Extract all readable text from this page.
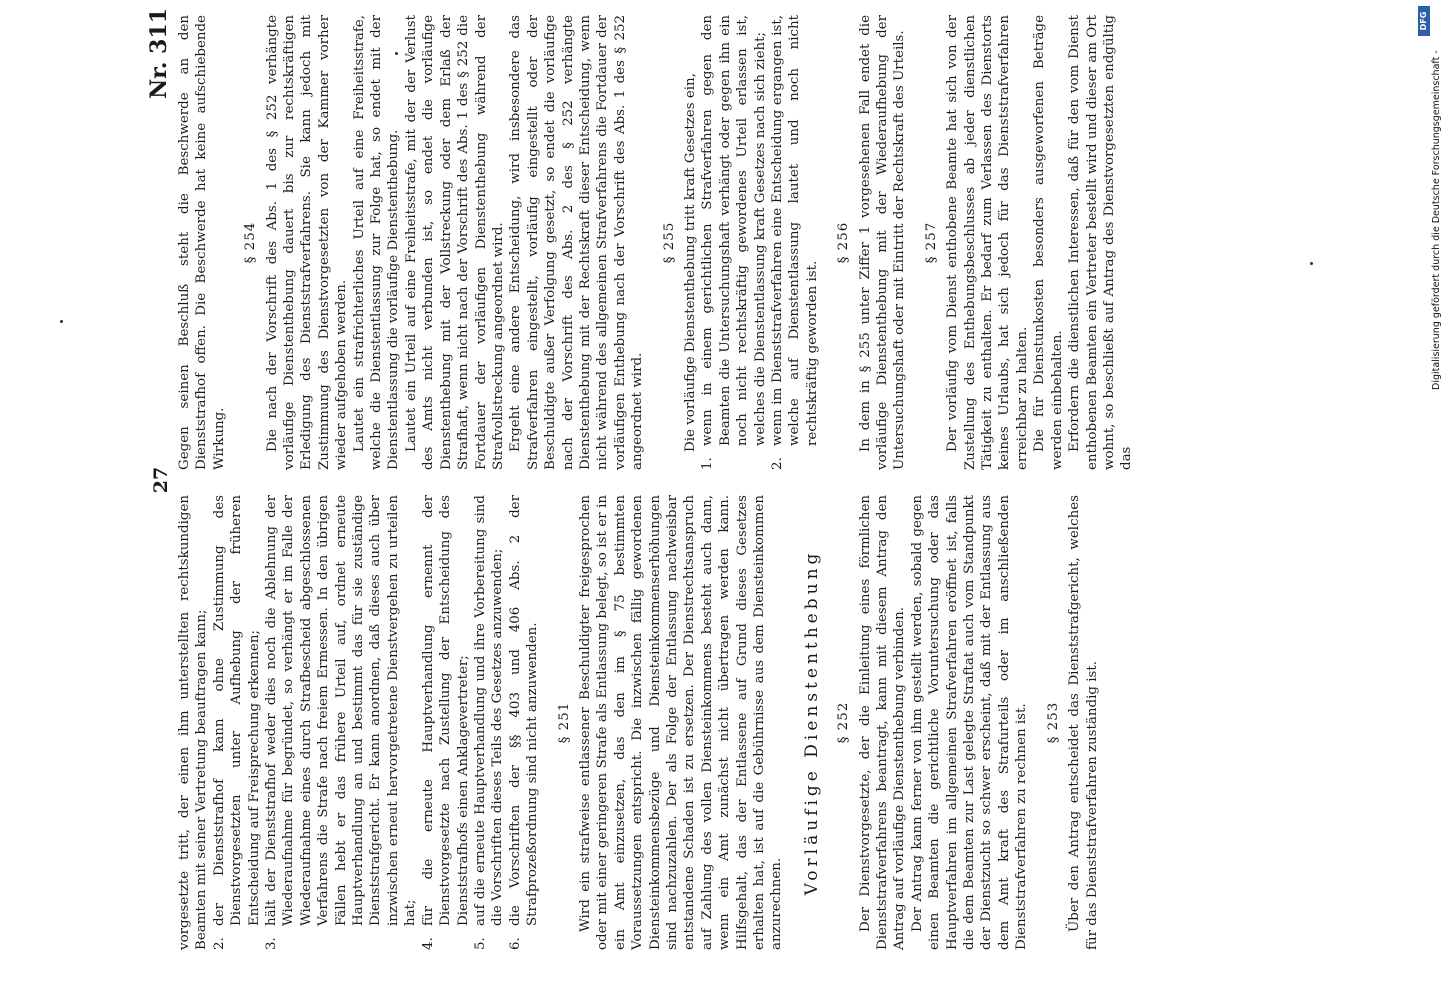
27
Nr. 311

vorgesetzte tritt, der einen ihm unterstellten rechtskundigen Beamten mit seiner Vertretung beauftragen kann; 2.
der Dienststrafhof kann ohne Zustimmung des Dienstvorgesetzten unter Aufhebung der früheren Entscheidung auf Freisprechung erkennen;
3.
hält der Dienststrafhof weder dies noch die Ablehnung der Wiederaufnahme für begründet, so verhängt er im Falle der Wiederaufnahme eines durch Strafbescheid abgeschlossenen Verfahrens die Strafe nach freiem Ermessen. In den übrigen Fällen hebt er das frühere Urteil auf, ordnet erneute Hauptverhandlung an und bestimmt das für sie zuständige Dienststrafgericht. Er kann anordnen, daß dieses auch über inzwischen erneut hervorgetretene Dienstvergehen zu urteilen hat;
4.
für die erneute Hauptverhandlung ernennt der Dienstvorgesetzte nach Zustellung der Entscheidung des Dienststrafhofs einen Anklagevertreter;
5.
auf die erneute Hauptverhandlung und ihre Vorbereitung sind die Vorschriften dieses Teils des Gesetzes anzuwenden;
6.
die Vorschriften der §§ 403 und 406 Abs. 2 der Strafprozeßordnung sind nicht anzuwenden. § 251 Wird ein strafweise entlassener Beschuldigter freigesprochen oder mit einer geringeren Strafe als Entlassung belegt, so ist er in ein Amt einzusetzen, das den im § 75 bestimmten Voraussetzungen entspricht. Die inzwischen fällig gewordenen Diensteinkommensbezüge und Diensteinkommenserhöhungen sind nachzuzahlen. Der als Folge der Entlassung nachweisbar entstandene Schaden ist zu ersetzen. Der Dienstrechtsanspruch auf Zahlung des vollen Diensteinkommens besteht auch dann, wenn ein Amt zunächst nicht übertragen werden kann. Hilfsgehalt, das der Entlassene auf Grund dieses Gesetzes erhalten hat, ist auf die Gebührnisse aus dem Diensteinkommen anzurechnen.

Vorläufige Dienstenthebung § 252 Der Dienstvorgesetzte, der die Einleitung eines förmlichen Dienststrafverfahrens beantragt, kann mit diesem Antrag den Antrag auf vorläufige Dienstenthebung verbinden. Der Antrag kann ferner von ihm gestellt werden, sobald gegen einen Beamten die gerichtliche Voruntersuchung oder das Hauptverfahren im allgemeinen Strafverfahren eröffnet ist, falls die dem Beamten zur Last gelegte Straftat auch vom Standpunkt der Dienstzucht so schwer erscheint, daß mit der Entlassung aus dem Amt kraft des Strafurteils oder im anschließenden Dienststrafverfahren zu rechnen ist. § 253 Über den Antrag entscheidet das Dienststrafgericht, welches für das Dienststrafverfahren zuständig ist.

Gegen seinen Beschluß steht die Beschwerde an den Dienststrafhof offen. Die Beschwerde hat keine aufschiebende Wirkung.

§ 254 Die nach der Vorschrift des Abs. 1 des § 252 verhängte vorläufige Dienstenthebung dauert bis zur rechtskräftigen Erledigung des Dienststrafverfahrens. Sie kann jedoch mit Zustimmung des Dienstvorgesetzten von der Kammer vorher wieder aufgehoben werden. Lautet ein strafrichterliches Urteil auf eine Freiheitsstrafe, welche die Dienstentlassung zur Folge hat, so endet mit der Dienstentlassung die vorläufige Dienstenthebung. Lautet ein Urteil auf eine Freiheitsstrafe, mit der der Verlust des Amts nicht verbunden ist, so endet die vorläufige Dienstenthebung mit der Vollstreckung oder dem Erlaß der Strafhaft, wenn nicht nach der Vorschrift des Abs. 1 des § 252 die Fortdauer der vorläufigen Dienstenthebung während der Strafvollstreckung angeordnet wird. Ergeht eine andere Entscheidung, wird insbesondere das Strafverfahren eingestellt, vorläufig eingestellt oder der Beschuldigte außer Verfolgung gesetzt, so endet die vorläufige nach der Vorschrift des Abs. 2 des § 252 verhängte Dienstenthebung mit der Rechtskraft dieser Entscheidung, wenn nicht während des allgemeinen Strafverfahrens die Fortdauer der vorläufigen Enthebung nach der Vorschrift des Abs. 1 des § 252 angeordnet wird.

§ 255 Die vorläufige Dienstenthebung tritt kraft Gesetzes ein,

1.
wenn in einem gerichtlichen Strafverfahren gegen den Beamten die Untersuchungshaft verhängt oder gegen ihn ein noch nicht rechtskräftig gewordenes Urteil erlassen ist, welches die Dienstentlassung kraft Gesetzes nach sich zieht;
2.
wenn im Dienststrafverfahren eine Entscheidung ergangen ist, welche auf Dienstentlassung lautet und noch nicht rechtskräftig geworden ist.
§ 256 In dem in § 255 unter Ziffer 1 vorgesehenen Fall endet die vorläufige Dienstenthebung mit der Wiederaufhebung der Untersuchungshaft oder mit Eintritt der Rechtskraft des Urteils. § 257 Der vorläufig vom Dienst enthobene Beamte hat sich von der Zustellung des Enthebungsbeschlusses ab jeder dienstlichen Tätigkeit zu enthalten. Er bedarf zum Verlassen des Dienstorts keines Urlaubs, hat sich jedoch für das Dienststrafverfahren erreichbar zu halten. Die für Dienstunkosten besonders ausgeworfenen Beträge werden einbehalten. Erfordern die dienstlichen Interessen, daß für den vom Dienst enthobenen Beamten ein Vertreter bestellt wird und dieser am Ort wohnt, so beschließt auf Antrag des Dienstvorgesetzten endgültig das

DFG
Digitalisierung gefördert durch die Deutsche Forschungsgemeinschaft -
